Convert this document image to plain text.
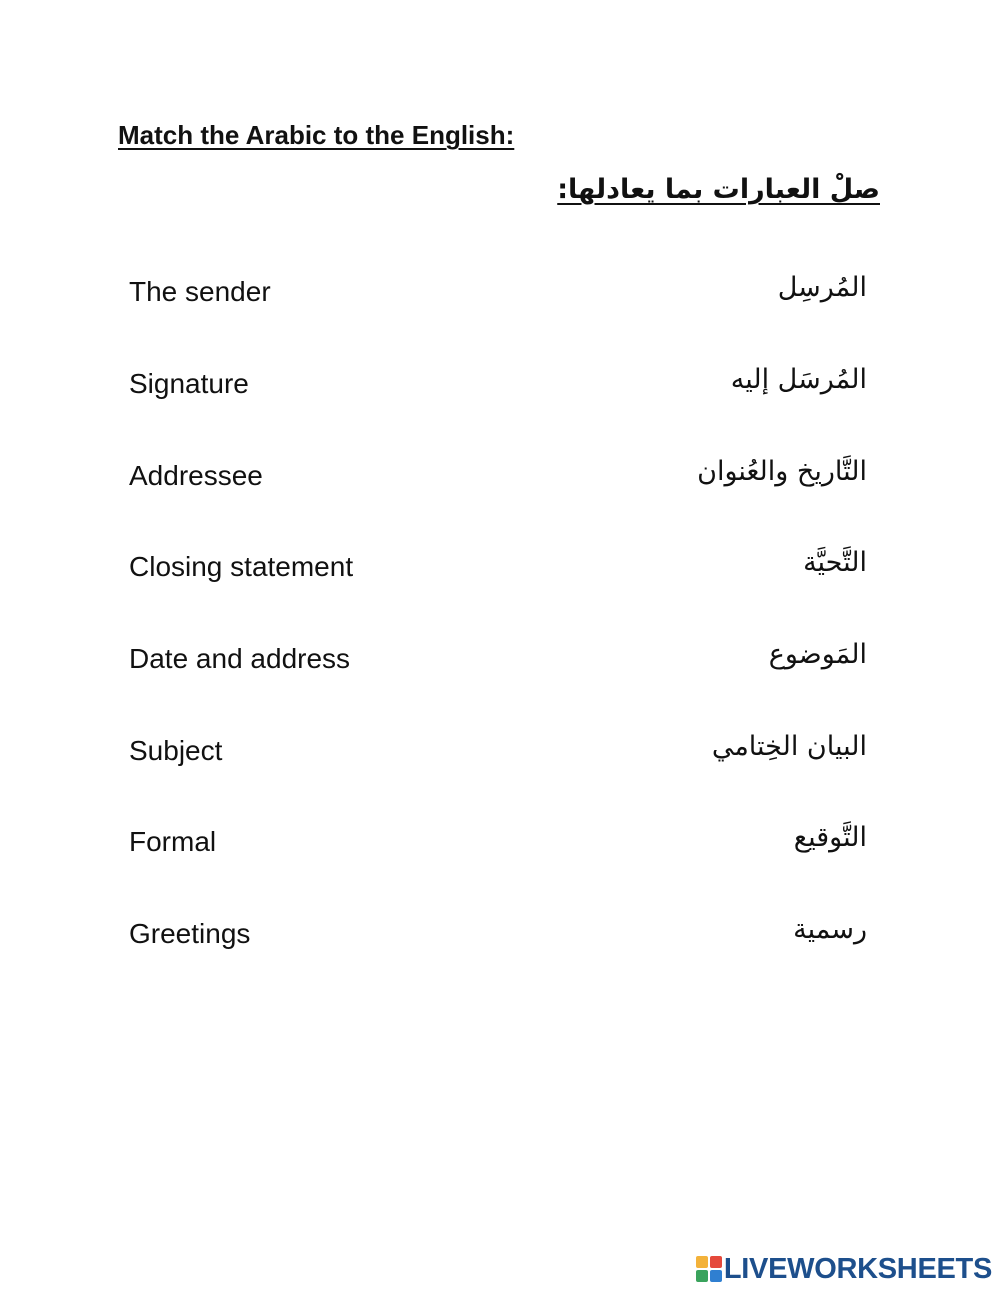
Match the Arabic to the English:
صلْ العبارات بما يعادلها:
The sender	المُرسِل
Signature	المُرسَل إليه
Addressee	التَّاريخ والعُنوان
Closing statement	التَّحيَّة
Date and address	المَوضوع
Subject	البيان الخِتامي
Formal	التَّوقيع
Greetings	رسمية
LIVEWORKSHEETS
